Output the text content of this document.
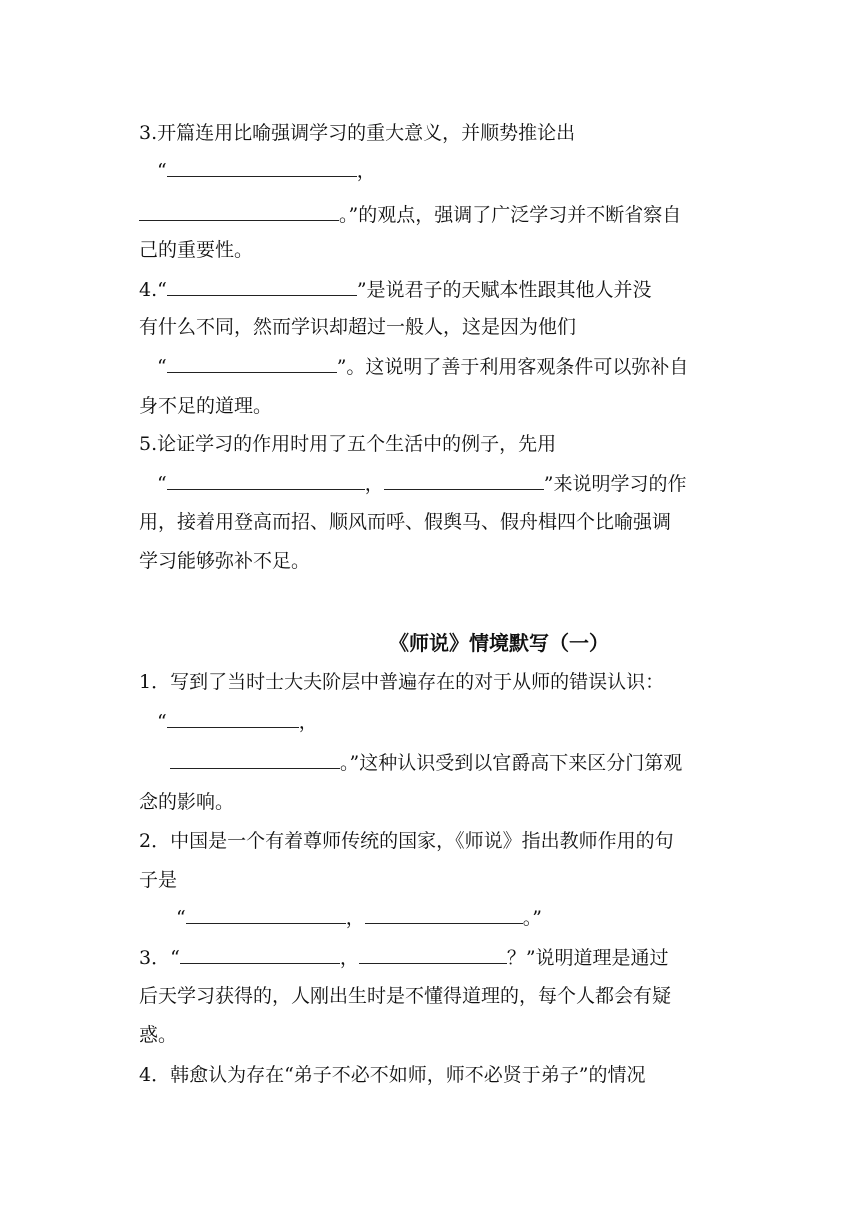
3.开篇连用比喻强调学习的重大意义，并顺势推论出
“	，
。”的观点，强调了广泛学习并不断省察自
己的重要性。
4.“	”是说君子的天赋本性跟其他人并没
有什么不同，然而学识却超过一般人，这是因为他们
“	”。这说明了善于利用客观条件可以弥补自
身不足的道理。
5.论证学习的作用时用了五个生活中的例子，先用
“	，	”来说明学习的作
用，接着用登高而招、顺风而呼、假舆马、假舟楫四个比喻强调
学习能够弥补不足。
《师说》情境默写（一）
1．写到了当时士大夫阶层中普遍存在的对于从师的错误认识：
“	，
。”这种认识受到以官爵高下来区分门第观
念的影响。
2．中国是一个有着尊师传统的国家，《师说》指出教师作用的句
子是
“	，	。”
3．“	，	？”说明道理是通过
后天学习获得的，人刚出生时是不懂得道理的，每个人都会有疑
惑。
4．韩愈认为存在“弟子不必不如师，师不必贤于弟子”的情况
